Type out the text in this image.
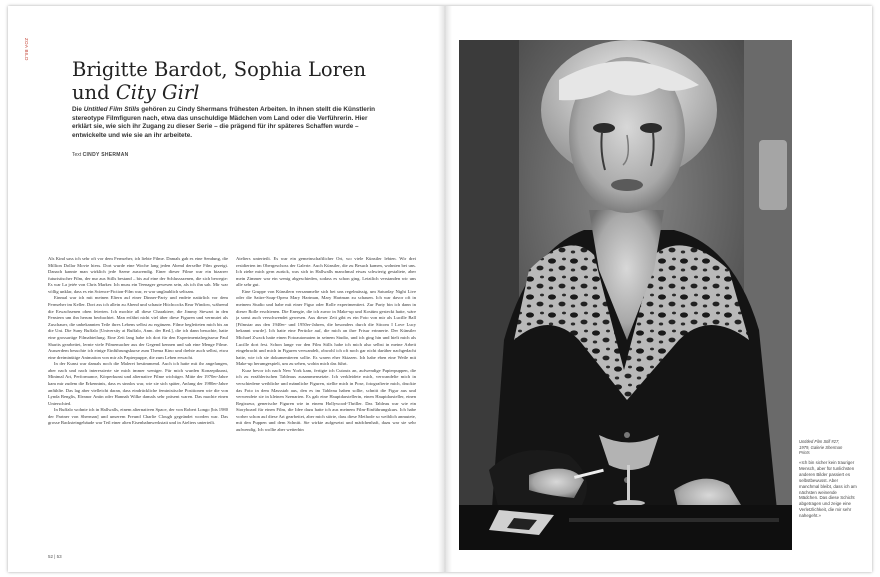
ZOA BILD
Brigitte Bardot, Sophia Loren
und City Girl

Die Untitled Film Stills gehören zu Cindy Shermans frühesten Arbeiten. In ihnen stellt die Künstlerin stereotype Filmfiguren nach, etwa das unschuldige Mädchen vom Land oder die Verführerin. Hier erklärt sie, wie sich ihr Zugang zu dieser Serie – die prägend für ihr späteres Schaffen wurde – entwickelte und wie sie an ihr arbeitete.

Text CINDY SHERMAN

Als Kind sass ich sehr oft vor dem Fernseher, ich liebte Filme. Damals gab es eine Sendung, die Million Dollar Movie hiess. Dort wurde eine Woche lang jeden Abend derselbe Film gezeigt. Danach kannte man wirklich jede Szene auswendig. Einer dieser Filme war ein bizarrer futuristischer Film, der nur aus Stills bestand – bis auf eine der Schlussszenen, die sich bewegte: Es war La jetée von Chris Marker. Ich muss ein Teenager gewesen sein, als ich ihn sah. Mir war völlig unklar, dass es ein Science-Fiction-Film war, er war unglaublich seltsam.

Einmal war ich mit meinen Eltern auf einer Dinner-Party und endete natürlich vor dem Fernseher im Keller. Dort ass ich allein zu Abend und schaute Hitchcocks Rear Window, während die Erwachsenen oben feierten. Ich mochte all diese Charaktere, die Jimmy Stewart in den Fenstern um ihn herum beobachtet. Man erfährt nicht viel über diese Figuren und vermutet als Zuschauer, die unbekannten Teile ihres Lebens selbst zu ergänzen. Filme begleiteten mich bis an die Uni. Die Suny Buffalo [University at Buffalo, Anm. der Red.], die ich dann besuchte, hatte eine grossartige Filmabteilung. Eine Zeit lang habe ich dort für den Experimentalregisseur Paul Sharits gearbeitet, lernte viele Filmemacher aus der Gegend kennen und sah eine Menge Filme. Ausserdem besuchte ich einige Einführungskurse zum Thema Kino und drehte auch selbst, etwa eine dreiminütige Animation von mir als Papierpuppe, die zum Leben erwacht.

In der Kunst war damals noch die Malerei bestimmend. Auch ich hatte mit ihr angefangen, aber nach und nach interessierte sie mich immer weniger. Für mich wurden Konzeptkunst, Minimal Art, Performance, Körperkunst und alternative Filme wichtiger. Mitte der 1970er-Jahre kam mir zudem die Erkenntnis, dass es sinnlos war, wie sie sich später, Anfang der 1980er-Jahre anfühlte. Das lag aber vielleicht daran, dass eindrückliche feministische Positionen wie die von Lynda Benglis, Eleanor Antin oder Hannah Wilke damals sehr präsent waren. Das machte einen Unterschied.

In Buffalo wohnte ich in Hallwalls, einem alternativen Space, der von Robert Longo [bis 1980 der Partner von Sherman] und unserem Freund Charlie Clough gegründet worden war. Das grosse Backsteingebäude war Teil einer alten Eisenbahnwerkstatt und in Ateliers unterteilt.

Ateliers unterteilt. Es war ein gemeinschaftlicher Ort, wo viele Künstler lebten. Wir drei residierten im Obergeschoss der Galerie. Auch Künstler, die zu Besuch kamen, wohnten bei uns. Ich ziehe mich gern zurück, was sich in Hallwalls manchmal etwas schwierig gestaltete, aber mein Zimmer war ein wenig abgeschieden, sodass es schon ging. Letztlich verstanden wir uns alle sehr gut.

Eine Gruppe von Künstlern versammelte sich bei uns regelmässig, um Saturday Night Live oder die Satire-Soap-Opera Mary Hartman, Mary Hartman zu schauen. Ich war davor oft in meinem Studio und habe mit einer Figur oder Rolle experimentiert. Zur Party bin ich dann in dieser Rolle erschienen. Die Energie, die ich zuvor in Make-up und Kostüm gesteckt hatte, wäre ja sonst auch verschwendet gewesen. Aus dieser Zeit gibt es ein Foto von mir als Lucille Ball [Filmstar aus den 1940er- und 1950er-Jahren, die besonders durch die Sitcom I Love Lucy bekannt wurde]. Ich hatte eine Perücke auf, die mich an ihre Frisur erinnerte. Der Künstler Michael Zwack hatte einen Fotoautomaten in seinem Studio, und ich ging hin und hielt mich als Lucille dort fest. Schon lange vor den Film Stills habe ich mich also selbst in meine Arbeit eingebracht und mich in Figuren verwandelt, obwohl ich oft noch gar nicht darüber nachgedacht hatte, wie ich sie dokumentieren sollte. Es waren eher Skizzen. Ich habe eben eine Weile mit Make-up herumgespielt, um zu sehen, wohin mich das führt.

Kurz bevor ich nach New York kam, fertigte ich Cutouts an, aufwendige Papierpuppen, die ich zu erzählerischen Tableaus zusammensetzte. Ich verkleidete mich, verwandelte mich in verschiedene weibliche und männliche Figuren, stellte mich in Pose, fotografierte mich, druckte das Foto in dem Massstab aus, den es im Tableau haben sollte, schnitt die Figur aus und verwendete sie in kleinen Szenarien. Es gab eine Hauptdarstellerin, einen Hauptdarsteller, einen Regisseur, generische Figuren wie in einem Hollywood-Thriller. Das Tableau war wie ein Storyboard für einen Film, die Idee dazu hatte ich aus meinem Film-Einführungskurs. Ich habe vorher schon auf diese Art gearbeitet, aber mich störte, dass diese Methode so weiblich anmutete, mit den Puppen und dem Schnitt. Sie wirkte aufgesetzt und mädchenhaft, dazu war sie sehr aufwendig. Ich wollte aber weiterhin

52 | 53
Untitled Film Still #27, 1979, Galerie Sherman Prints
«Ich bin sicher kein trauriger Mensch, aber für tunlichsten anderen Bilder passiert es selbstbewusst. Aber manchmal bleibt, dass ich am nächsten weinende Mädchen. Das diese Schicht abgetragen und zeige eine Verletzlichkeit, die mir sehr nahegeht.»
